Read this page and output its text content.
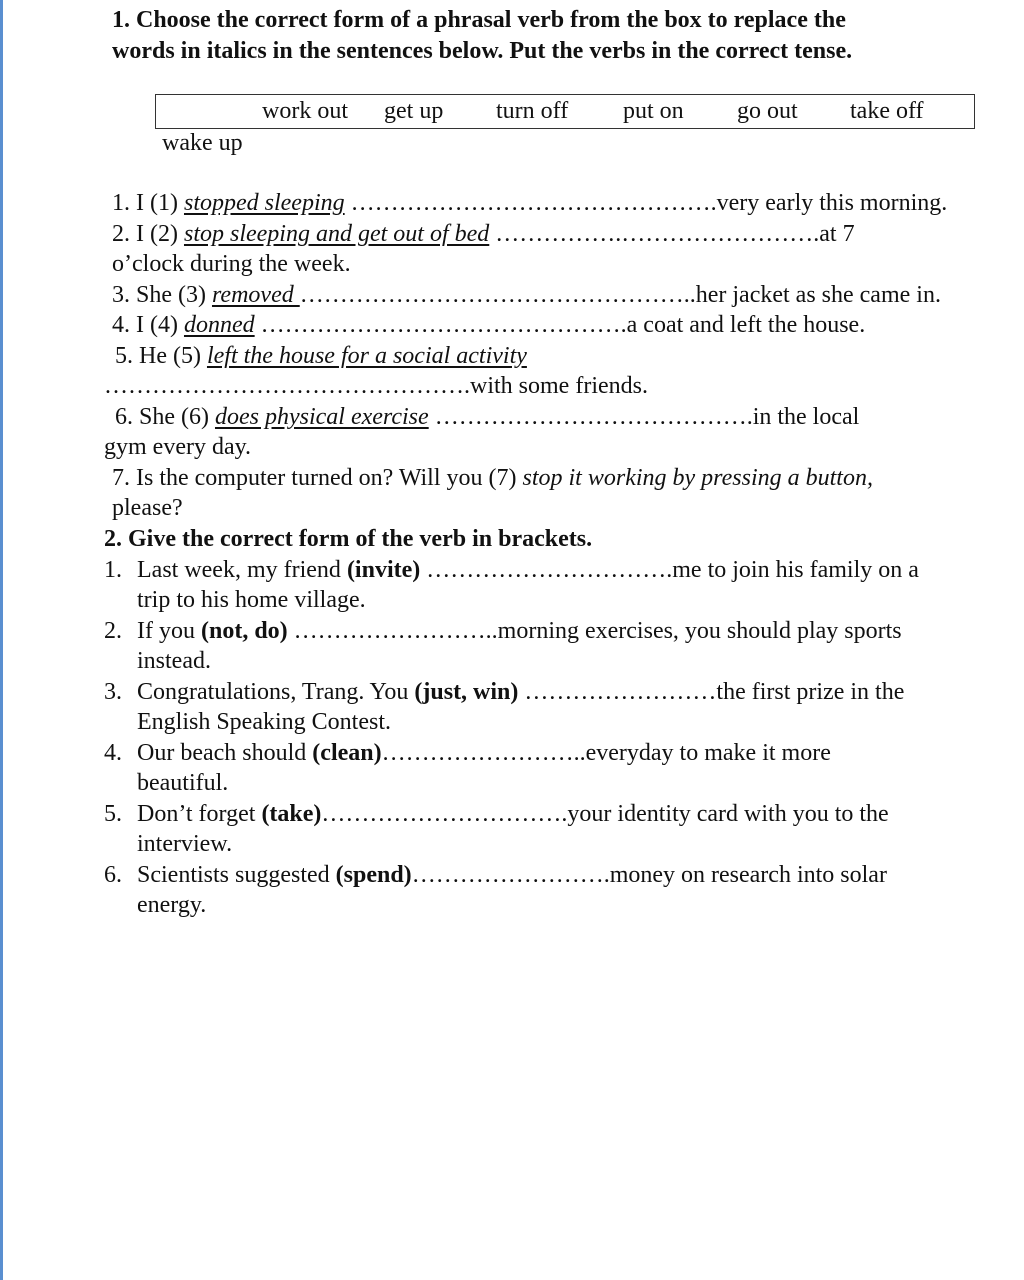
1. Choose the correct form of a phrasal verb from the box to replace the
words in italics in the sentences below. Put the verbs in the correct tense.
work out get up turn off put on go out take off
wake up
1. I (1) stopped sleeping ……………………………………….very early this morning.
2. I (2) stop sleeping and get out of bed …………….…………………….at 7
o’clock during the week.
3. She (3) removed …………………………………………..her jacket as she came in.
4. I (4) donned ……………………………………….a coat and left the house.
5. He (5) left the house for a social activity
……………………………………….with some friends.
6. She (6) does physical exercise ………………………………….in the local
gym every day.
7. Is the computer turned on? Will you (7) stop it working by pressing a button,
please?
2. Give the correct form of the verb in brackets.
1. Last week, my friend (invite) ………………………….me to join his family on a
trip to his home village.
2. If you (not, do) ……………………..morning exercises, you should play sports
instead.
3. Congratulations, Trang. You (just, win) ……………………the first prize in the
English Speaking Contest.
4. Our beach should (clean)……………………..everyday to make it more
beautiful.
5. Don’t forget (take)………………………….your identity card with you to the
interview.
6. Scientists suggested (spend)…………………….money on research into solar
energy.
